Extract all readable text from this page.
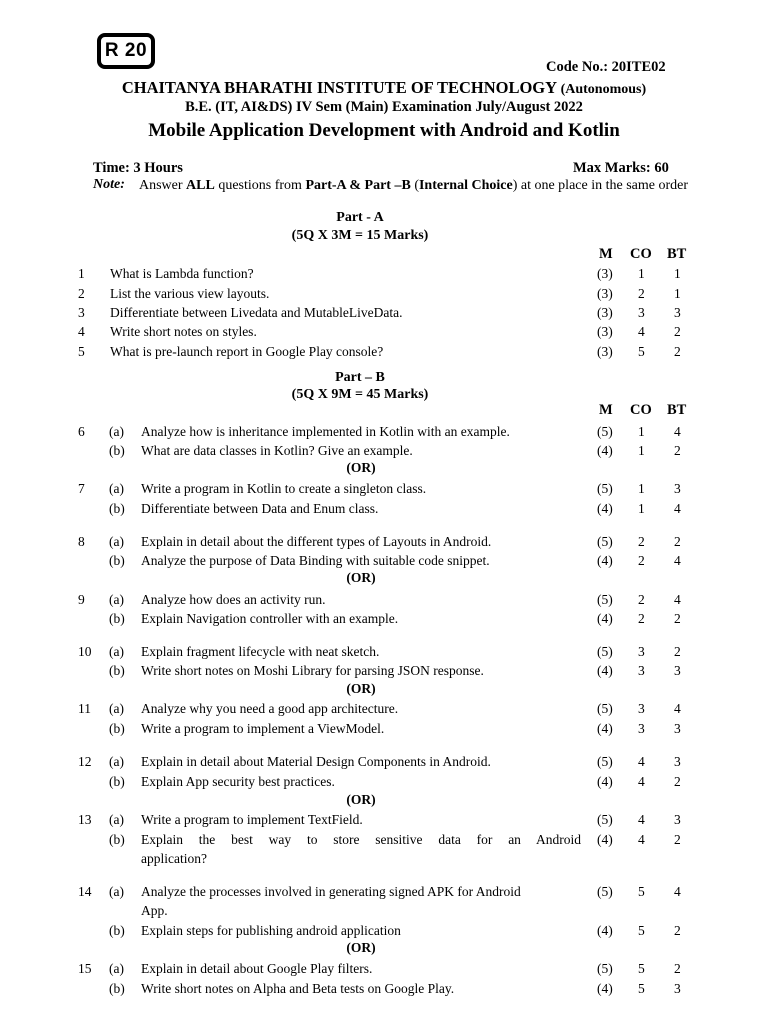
R 20
Code No.: 20ITE02
CHAITANYA BHARATHI INSTITUTE OF TECHNOLOGY (Autonomous)
B.E. (IT, AI&DS) IV Sem (Main) Examination July/August 2022
Mobile Application Development with Android and Kotlin
Time: 3 Hours	Max Marks: 60
Note: Answer ALL questions from Part-A & Part –B (Internal Choice) at one place in the same order
Part - A
(5Q X 3M = 15 Marks)
M CO BT
1 What is Lambda function?	(3) 1 1
2 List the various view layouts.	(3) 2 1
3 Differentiate between Livedata and MutableLiveData.	(3) 3 3
4 Write short notes on styles.	(3) 4 2
5 What is pre-launch report in Google Play console?	(3) 5 2
Part – B
(5Q X 9M = 45 Marks)
M CO BT
6 (a) Analyze how is inheritance implemented in Kotlin with an example.	(5) 1 4
(b) What are data classes in Kotlin? Give an example.	(4) 1 2
7 (a) Write a program in Kotlin to create a singleton class.	(5) 1 3
(b) Differentiate between Data and Enum class.	(4) 1 4
8 (a) Explain in detail about the different types of Layouts in Android.	(5) 2 2
(b) Analyze the purpose of Data Binding with suitable code snippet.	(4) 2 4
9 (a) Analyze how does an activity run.	(5) 2 4
(b) Explain Navigation controller with an example.	(4) 2 2
10 (a) Explain fragment lifecycle with neat sketch.	(5) 3 2
(b) Write short notes on Moshi Library for parsing JSON response.	(4) 3 3
11 (a) Analyze why you need a good app architecture.	(5) 3 4
(b) Write a program to implement a ViewModel.	(4) 3 3
12 (a) Explain in detail about Material Design Components in Android.	(5) 4 3
(b) Explain App security best practices.	(4) 4 2
13 (a) Write a program to implement TextField.	(5) 4 3
(b) Explain the best way to store sensitive data for an Android
application?
(4) 4 2
14 (a) Analyze the processes involved in generating signed APK for Android
App.
(5) 5 4
(b) Explain steps for publishing android application	(4) 5 2
15 (a) Explain in detail about Google Play filters.	(5) 5 2
(b) Write short notes on Alpha and Beta tests on Google Play.	(4) 5 3
(OR)
(OR)
(OR)
(OR)
(OR)
